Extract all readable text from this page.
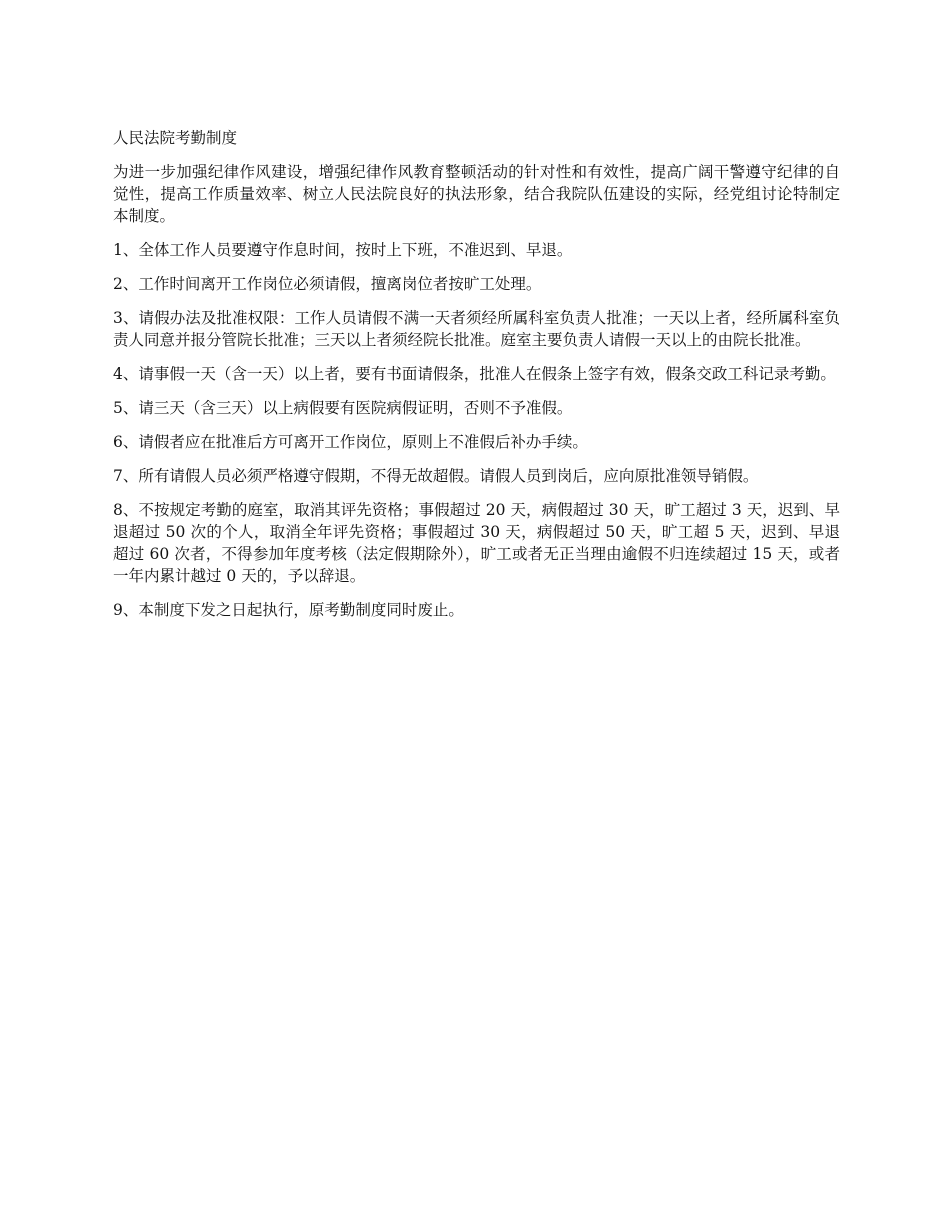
人民法院考勤制度

为进一步加强纪律作风建设，增强纪律作风教育整顿活动的针对性和有效性，提高广阔干警遵守纪律的自觉性，提高工作质量效率、树立人民法院良好的执法形象，结合我院队伍建设的实际，经党组讨论特制定本制度。

1、全体工作人员要遵守作息时间，按时上下班，不准迟到、早退。

2、工作时间离开工作岗位必须请假，擅离岗位者按旷工处理。

3、请假办法及批准权限：工作人员请假不满一天者须经所属科室负责人批准；一天以上者，经所属科室负责人同意并报分管院长批准；三天以上者须经院长批准。庭室主要负责人请假一天以上的由院长批准。

4、请事假一天（含一天）以上者，要有书面请假条，批准人在假条上签字有效，假条交政工科记录考勤。

5、请三天（含三天）以上病假要有医院病假证明，否则不予准假。

6、请假者应在批准后方可离开工作岗位，原则上不准假后补办手续。

7、所有请假人员必须严格遵守假期，不得无故超假。请假人员到岗后，应向原批准领导销假。

8、不按规定考勤的庭室，取消其评先资格；事假超过 20 天，病假超过 30 天，旷工超过 3 天，迟到、早退超过 50 次的个人，取消全年评先资格；事假超过 30 天，病假超过 50 天，旷工超 5 天，迟到、早退超过 60 次者，不得参加年度考核（法定假期除外），旷工或者无正当理由逾假不归连续超过 15 天，或者一年内累计越过 0 天的，予以辞退。

9、本制度下发之日起执行，原考勤制度同时废止。
